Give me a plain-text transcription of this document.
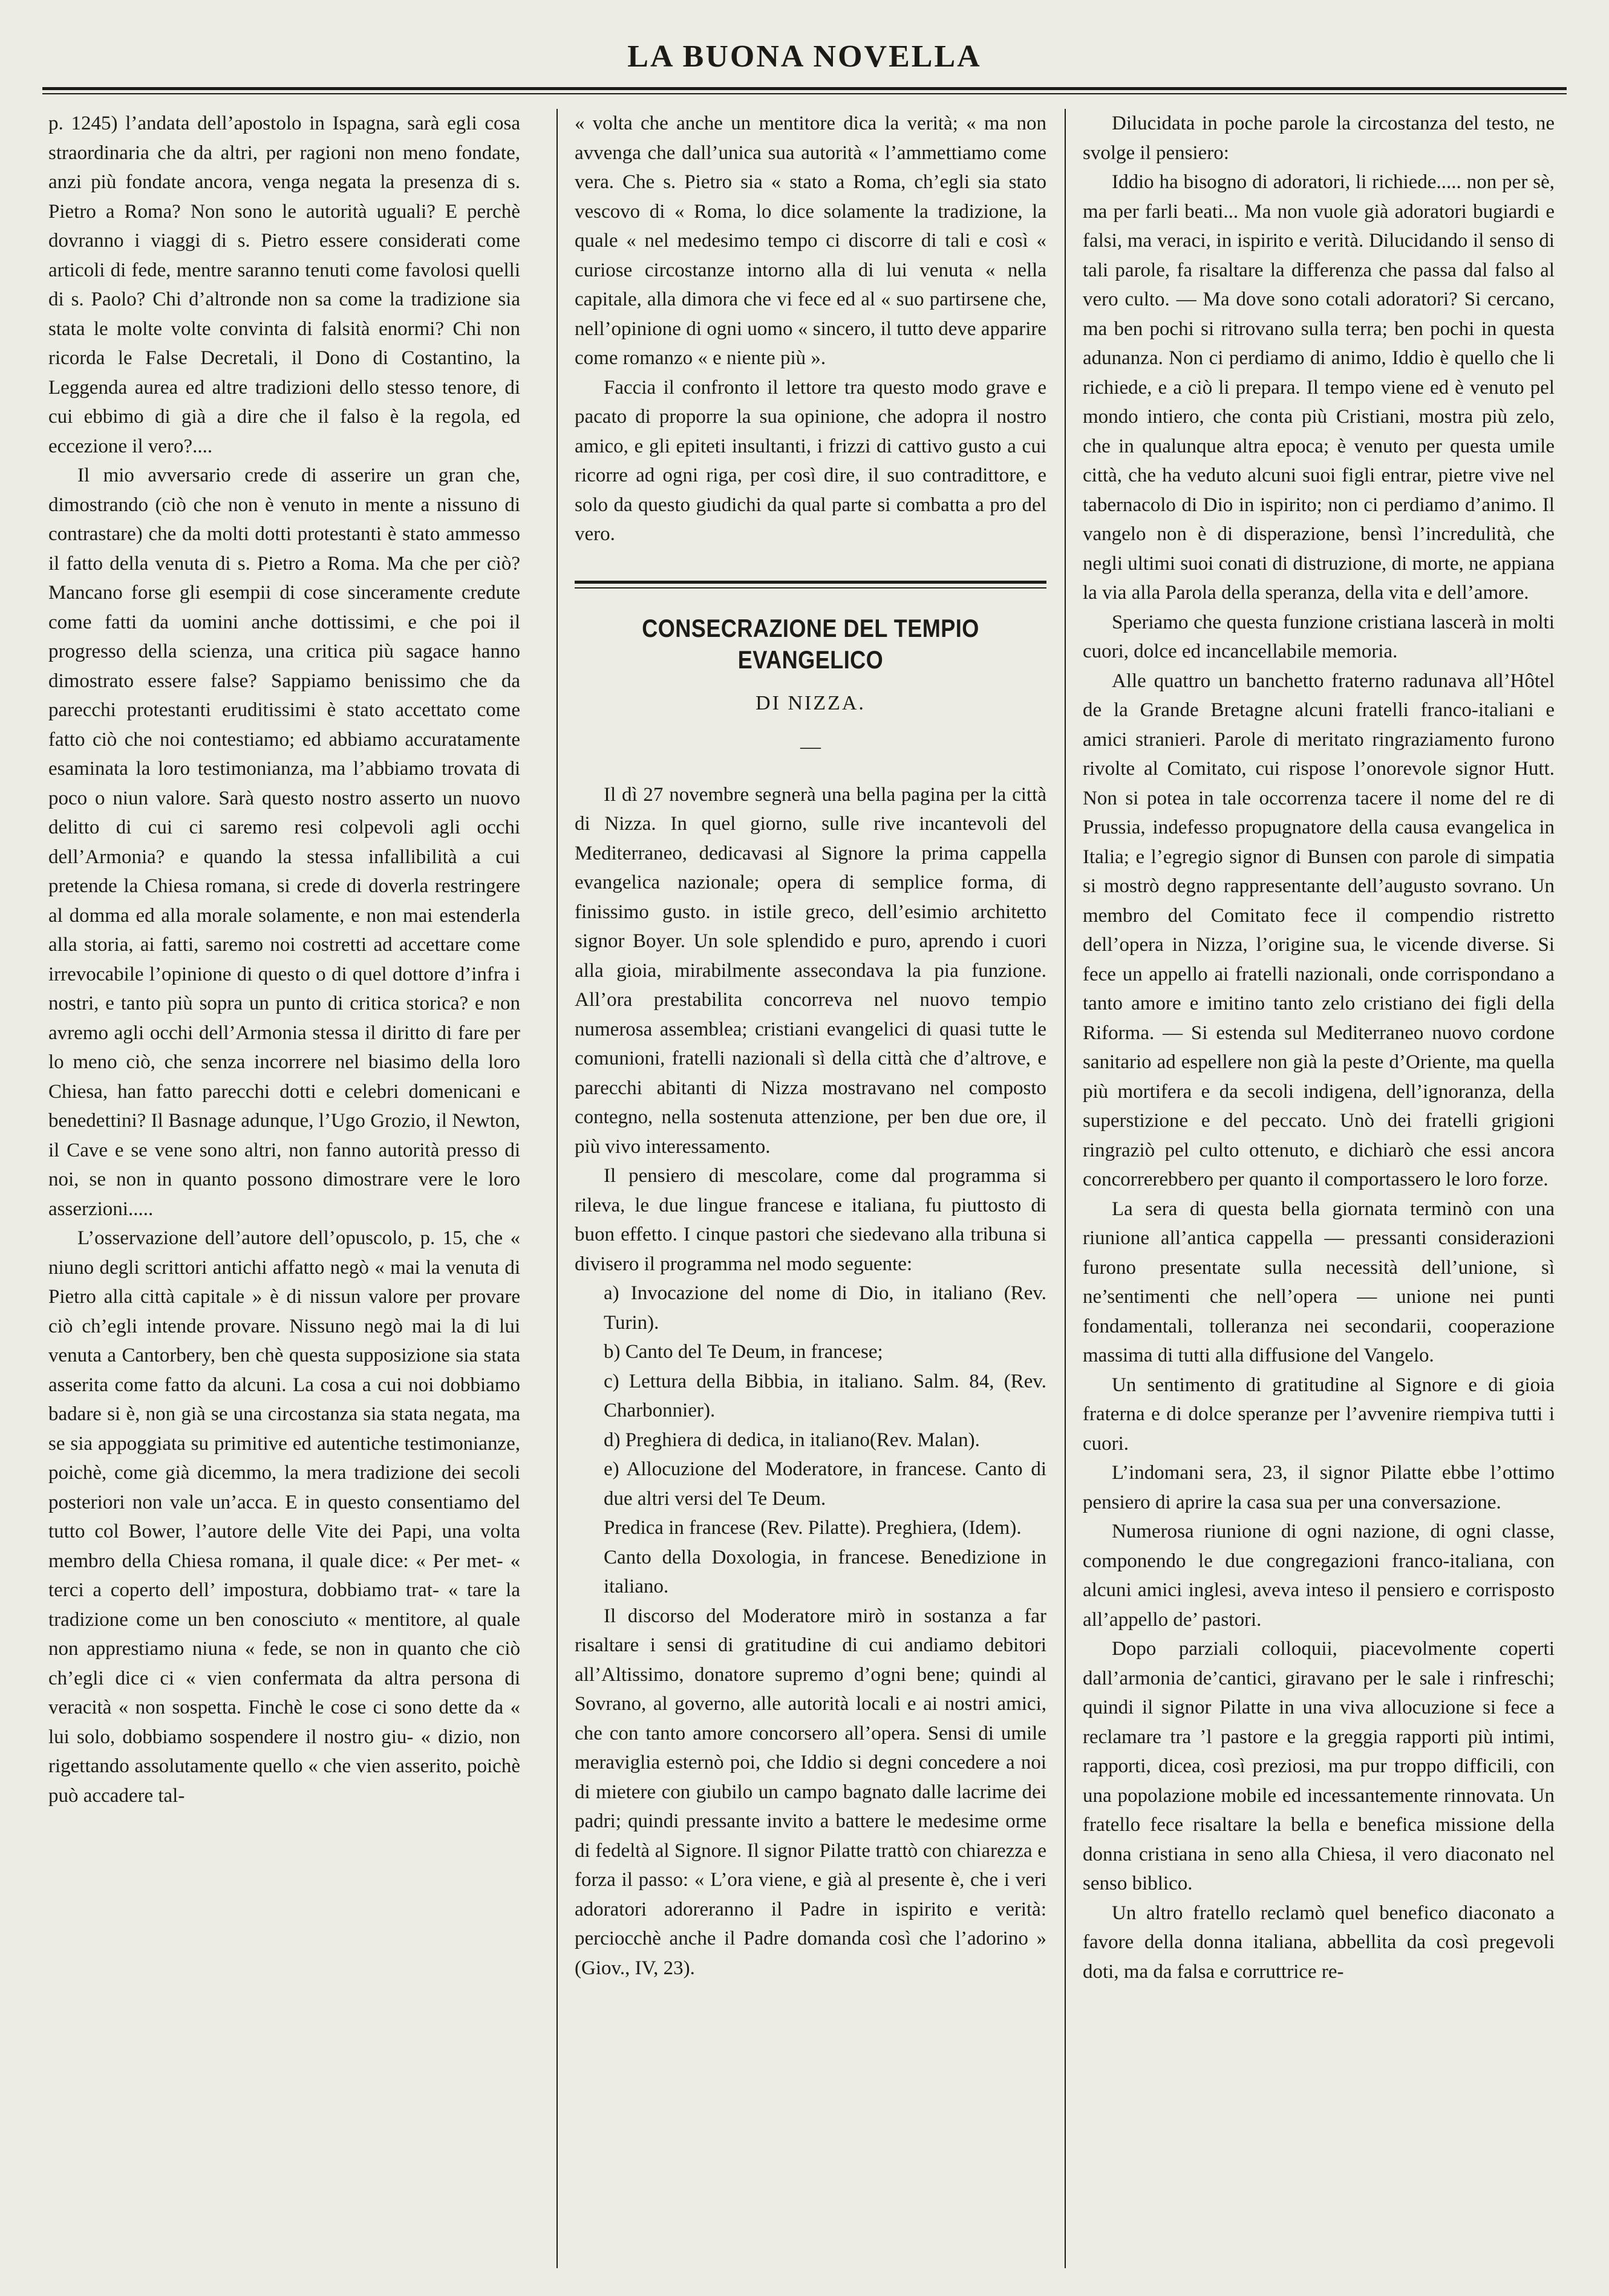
LA BUONA NOVELLA

p. 1245) l’andata dell’apostolo in Ispagna, sarà egli cosa straordinaria che da altri, per ragioni non meno fondate, anzi più fondate ancora, venga negata la presenza di s. Pietro a Roma? Non sono le autorità uguali? E perchè dovranno i viaggi di s. Pietro essere considerati come articoli di fede, mentre saranno tenuti come favolosi quelli di s. Paolo? Chi d’altronde non sa come la tradizione sia stata le molte volte convinta di falsità enormi? Chi non ricorda le False Decretali, il Dono di Costantino, la Leggenda aurea ed altre tradizioni dello stesso tenore, di cui ebbimo di già a dire che il falso è la regola, ed eccezione il vero?....

Il mio avversario crede di asserire un gran che, dimostrando (ciò che non è venuto in mente a nissuno di contrastare) che da molti dotti protestanti è stato ammesso il fatto della venuta di s. Pietro a Roma. Ma che per ciò? Mancano forse gli esempii di cose sinceramente credute come fatti da uomini anche dottissimi, e che poi il progresso della scienza, una critica più sagace hanno dimostrato essere false? Sappiamo benissimo che da parecchi protestanti eruditissimi è stato accettato come fatto ciò che noi contestiamo; ed abbiamo accuratamente esaminata la loro testimonianza, ma l’abbiamo trovata di poco o niun valore. Sarà questo nostro asserto un nuovo delitto di cui ci saremo resi colpevoli agli occhi dell’Armonia? e quando la stessa infallibilità a cui pretende la Chiesa romana, si crede di doverla restringere al domma ed alla morale solamente, e non mai estenderla alla storia, ai fatti, saremo noi costretti ad accettare come irrevocabile l’opinione di questo o di quel dottore d’infra i nostri, e tanto più sopra un punto di critica storica? e non avremo agli occhi dell’Armonia stessa il diritto di fare per lo meno ciò, che senza incorrere nel biasimo della loro Chiesa, han fatto parecchi dotti e celebri domenicani e benedettini? Il Basnage adunque, l’Ugo Grozio, il Newton, il Cave e se vene sono altri, non fanno autorità presso di noi, se non in quanto possono dimostrare vere le loro asserzioni.....

L’osservazione dell’autore dell’opuscolo, p. 15, che « niuno degli scrittori antichi affatto negò « mai la venuta di Pietro alla città capitale » è di nissun valore per provare ciò ch’egli intende provare. Nissuno negò mai la di lui venuta a Cantorbery, ben chè questa supposizione sia stata asserita come fatto da alcuni. La cosa a cui noi dobbiamo badare si è, non già se una circostanza sia stata negata, ma se sia appoggiata su primitive ed autentiche testimonianze, poichè, come già dicemmo, la mera tradizione dei secoli posteriori non vale un’acca. E in questo consentiamo del tutto col Bower, l’autore delle Vite dei Papi, una volta membro della Chiesa romana, il quale dice: « Per met- « terci a coperto dell’ impostura, dobbiamo trat- « tare la tradizione come un ben conosciuto « mentitore, al quale non apprestiamo niuna « fede, se non in quanto che ciò ch’egli dice ci « vien confermata da altra persona di veracità « non sospetta. Finchè le cose ci sono dette da « lui solo, dobbiamo sospendere il nostro giu- « dizio, non rigettando assolutamente quello « che vien asserito, poichè può accadere tal-

« volta che anche un mentitore dica la verità; « ma non avvenga che dall’unica sua autorità « l’ammettiamo come vera. Che s. Pietro sia « stato a Roma, ch’egli sia stato vescovo di « Roma, lo dice solamente la tradizione, la quale « nel medesimo tempo ci discorre di tali e così « curiose circostanze intorno alla di lui venuta « nella capitale, alla dimora che vi fece ed al « suo partirsene che, nell’opinione di ogni uomo « sincero, il tutto deve apparire come romanzo « e niente più ».

Faccia il confronto il lettore tra questo modo grave e pacato di proporre la sua opinione, che adopra il nostro amico, e gli epiteti insultanti, i frizzi di cattivo gusto a cui ricorre ad ogni riga, per così dire, il suo contradittore, e solo da questo giudichi da qual parte si combatta a pro del vero.

CONSECRAZIONE DEL TEMPIO EVANGELICO
DI NIZZA.
—

Il dì 27 novembre segnerà una bella pagina per la città di Nizza. In quel giorno, sulle rive incantevoli del Mediterraneo, dedicavasi al Signore la prima cappella evangelica nazionale; opera di semplice forma, di finissimo gusto. in istile greco, dell’esimio architetto signor Boyer. Un sole splendido e puro, aprendo i cuori alla gioia, mirabilmente assecondava la pia funzione. All’ora prestabilita concorreva nel nuovo tempio numerosa assemblea; cristiani evangelici di quasi tutte le comunioni, fratelli nazionali sì della città che d’altrove, e parecchi abitanti di Nizza mostravano nel composto contegno, nella sostenuta attenzione, per ben due ore, il più vivo interessamento.

Il pensiero di mescolare, come dal programma si rileva, le due lingue francese e italiana, fu piuttosto di buon effetto. I cinque pastori che siedevano alla tribuna si divisero il programma nel modo seguente:

a) Invocazione del nome di Dio, in italiano (Rev. Turin).

b) Canto del Te Deum, in francese;

c) Lettura della Bibbia, in italiano. Salm. 84, (Rev. Charbonnier).

d) Preghiera di dedica, in italiano(Rev. Malan).

e) Allocuzione del Moderatore, in francese. Canto di due altri versi del Te Deum.

Predica in francese (Rev. Pilatte). Preghiera, (Idem).

Canto della Doxologia, in francese. Benedizione in italiano.

Il discorso del Moderatore mirò in sostanza a far risaltare i sensi di gratitudine di cui andiamo debitori all’Altissimo, donatore supremo d’ogni bene; quindi al Sovrano, al governo, alle autorità locali e ai nostri amici, che con tanto amore concorsero all’opera. Sensi di umile meraviglia esternò poi, che Iddio si degni concedere a noi di mietere con giubilo un campo bagnato dalle lacrime dei padri; quindi pressante invito a battere le medesime orme di fedeltà al Signore. Il signor Pilatte trattò con chiarezza e forza il passo: « L’ora viene, e già al presente è, che i veri adoratori adoreranno il Padre in ispirito e verità: perciocchè anche il Padre domanda così che l’adorino » (Giov., IV, 23).

Dilucidata in poche parole la circostanza del testo, ne svolge il pensiero:

Iddio ha bisogno di adoratori, li richiede..... non per sè, ma per farli beati... Ma non vuole già adoratori bugiardi e falsi, ma veraci, in ispirito e verità. Dilucidando il senso di tali parole, fa risaltare la differenza che passa dal falso al vero culto. — Ma dove sono cotali adoratori? Si cercano, ma ben pochi si ritrovano sulla terra; ben pochi in questa adunanza. Non ci perdiamo di animo, Iddio è quello che li richiede, e a ciò li prepara. Il tempo viene ed è venuto pel mondo intiero, che conta più Cristiani, mostra più zelo, che in qualunque altra epoca; è venuto per questa umile città, che ha veduto alcuni suoi figli entrar, pietre vive nel tabernacolo di Dio in ispirito; non ci perdiamo d’animo. Il vangelo non è di disperazione, bensì l’incredulità, che negli ultimi suoi conati di distruzione, di morte, ne appiana la via alla Parola della speranza, della vita e dell’amore.

Speriamo che questa funzione cristiana lascerà in molti cuori, dolce ed incancellabile memoria.

Alle quattro un banchetto fraterno radunava all’Hôtel de la Grande Bretagne alcuni fratelli franco-italiani e amici stranieri. Parole di meritato ringraziamento furono rivolte al Comitato, cui rispose l’onorevole signor Hutt. Non si potea in tale occorrenza tacere il nome del re di Prussia, indefesso propugnatore della causa evangelica in Italia; e l’egregio signor di Bunsen con parole di simpatia si mostrò degno rappresentante dell’augusto sovrano. Un membro del Comitato fece il compendio ristretto dell’opera in Nizza, l’origine sua, le vicende diverse. Si fece un appello ai fratelli nazionali, onde corrispondano a tanto amore e imitino tanto zelo cristiano dei figli della Riforma. — Si estenda sul Mediterraneo nuovo cordone sanitario ad espellere non già la peste d’Oriente, ma quella più mortifera e da secoli indigena, dell’ignoranza, della superstizione e del peccato. Unò dei fratelli grigioni ringraziò pel culto ottenuto, e dichiarò che essi ancora concorrerebbero per quanto il comportassero le loro forze.

La sera di questa bella giornata terminò con una riunione all’antica cappella — pressanti considerazioni furono presentate sulla necessità dell’unione, sì ne’sentimenti che nell’opera — unione nei punti fondamentali, tolleranza nei secondarii, cooperazione massima di tutti alla diffusione del Vangelo.

Un sentimento di gratitudine al Signore e di gioia fraterna e di dolce speranze per l’avvenire riempiva tutti i cuori.

L’indomani sera, 23, il signor Pilatte ebbe l’ottimo pensiero di aprire la casa sua per una conversazione.

Numerosa riunione di ogni nazione, di ogni classe, componendo le due congregazioni franco-italiana, con alcuni amici inglesi, aveva inteso il pensiero e corrisposto all’appello de’ pastori.

Dopo parziali colloquii, piacevolmente coperti dall’armonia de’cantici, giravano per le sale i rinfreschi; quindi il signor Pilatte in una viva allocuzione si fece a reclamare tra ’l pastore e la greggia rapporti più intimi, rapporti, dicea, così preziosi, ma pur troppo difficili, con una popolazione mobile ed incessantemente rinnovata. Un fratello fece risaltare la bella e benefica missione della donna cristiana in seno alla Chiesa, il vero diaconato nel senso biblico.

Un altro fratello reclamò quel benefico diaconato a favore della donna italiana, abbellita da così pregevoli doti, ma da falsa e corruttrice re-
